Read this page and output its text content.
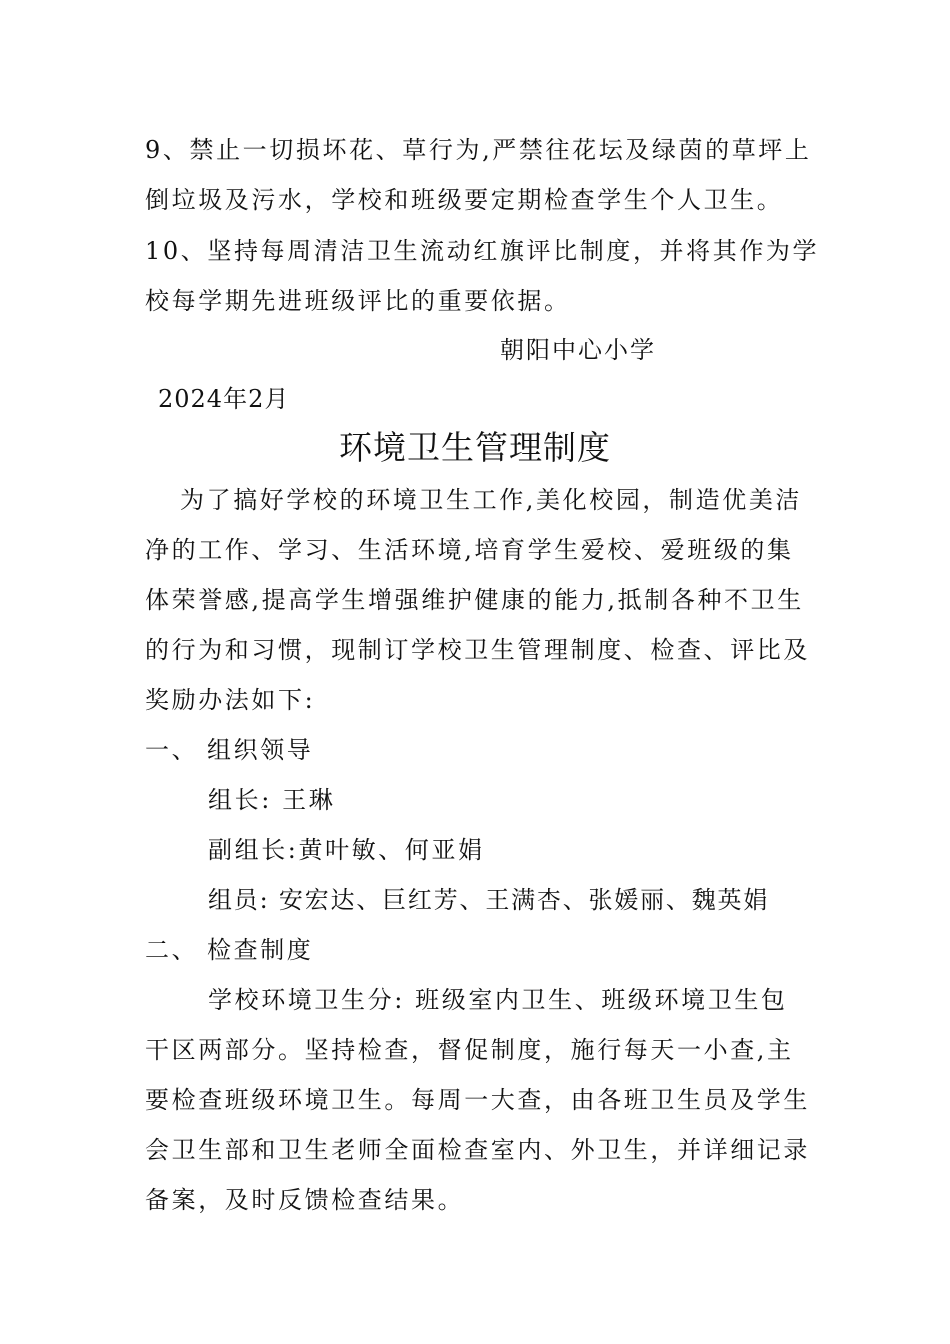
9、禁止一切损坏花、草行为,严禁往花坛及绿茵的草坪上
倒垃圾及污水，学校和班级要定期检查学生个人卫生。
10、坚持每周清洁卫生流动红旗评比制度，并将其作为学
校每学期先进班级评比的重要依据。
朝阳中心小学
2024年2月
环境卫生管理制度
为了搞好学校的环境卫生工作,美化校园，制造优美洁
净的工作、学习、生活环境,培育学生爱校、爱班级的集
体荣誉感,提高学生增强维护健康的能力,抵制各种不卫生
的行为和习惯，现制订学校卫生管理制度、检查、评比及
奖励办法如下:
一、 组织领导
组长: 王琳
副组长:黄叶敏、何亚娟
组员: 安宏达、巨红芳、王满杏、张媛丽、魏英娟
二、 检查制度
学校环境卫生分: 班级室内卫生、班级环境卫生包
干区两部分。坚持检查，督促制度，施行每天一小查,主
要检查班级环境卫生。每周一大查，由各班卫生员及学生
会卫生部和卫生老师全面检查室内、外卫生，并详细记录
备案，及时反馈检查结果。
